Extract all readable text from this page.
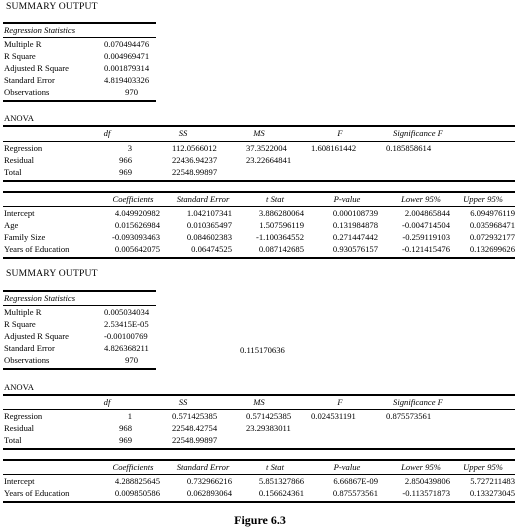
SUMMARY OUTPUT
Regression Statistics
Multiple R	0.070494476
R Square	0.004969471
Adjusted R Square	0.001879314
Standard Error	4.819403326
Observations	970
ANOVA
df	SS	MS	F	Significance F
Regression	3	112.0566012	37.3522004	1.608161442	0.185858614
Residual	966	22436.94237	23.22664841
Total	969	22548.99897
Coefficients	Standard Error	t Stat	P-value	Lower 95%	Upper 95%
Intercept	4.049920982	1.042107341	3.886280064	0.000108739	2.004865844	6.094976119
Age	0.015626984	0.010365497	1.507596119	0.131984878	-0.004714504	0.035968471
Family Size	-0.093093463	0.084602383	-1.100364552	0.271447442	-0.259119103	0.072932177
Years of Education	0.005642075	0.06474525	0.087142685	0.930576157	-0.121415476	0.132699626
SUMMARY OUTPUT
Regression Statistics
Multiple R	0.005034034
R Square	2.53415E-05
Adjusted R Square	-0.00100769
Standard Error	4.826368211	0.115170636
Observations	970
ANOVA
df	SS	MS	F	Significance F
Regression	1	0.571425385	0.571425385 0.024531191	0.875573561
Residual	968	22548.42754	23.29383011
Total	969	22548.99897
Coefficients	Standard Error	t Stat	P-value	Lower 95%	Upper 95%
Intercept	4.288825645	0.732966216	5.851327866	6.66867E-09	2.850439806	5.727211483
Years of Education	0.009850586	0.062893064	0.156624361	0.875573561	-0.113571873	0.133273045
Figure 6.3
